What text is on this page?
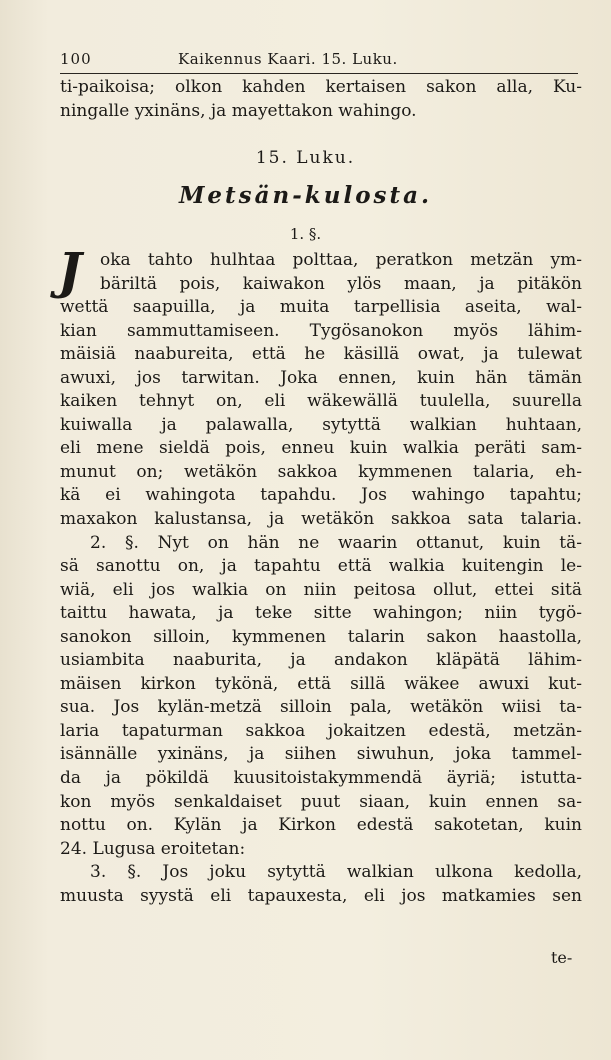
100	Kaikennus Kaari. 15. Luku.
ti-paikoisa; olkon kahden kertaisen sakon alla, Ku-
ningalle yxinäns, ja mayettakon wahingo.
15. Luku.
Metsän-kulosta.
1. §.
J	oka tahto hulhtaa polttaa, peratkon metzän ym-
bäriltä pois, kaiwakon ylös maan, ja pitäkön
wettä saapuilla, ja muita tarpellisia aseita, wal-
kian sammuttamiseen. Tygösanokon myös lähim-
mäisiä naabureita, että he käsillä owat, ja tulewat
awuxi, jos tarwitan. Joka ennen, kuin hän tämän
kaiken tehnyt on, eli wäkewällä tuulella, suurella
kuiwalla ja palawalla, sytyttä walkian huhtaan,
eli mene sieldä pois, enneu kuin walkia peräti sam-
munut on; wetäkön sakkoa kymmenen talaria, eh-
kä ei wahingota tapahdu. Jos wahingo tapahtu;
maxakon kalustansa, ja wetäkön sakkoa sata talaria.
2. §. Nyt on hän ne waarin ottanut, kuin tä-
sä sanottu on, ja tapahtu että walkia kuitengin le-
wiä, eli jos walkia on niin peitosa ollut, ettei sitä
taittu hawata, ja teke sitte wahingon; niin tygö-
sanokon silloin, kymmenen talarin sakon haastolla,
usiambita naaburita, ja andakon kläpätä lähim-
mäisen kirkon tykönä, että sillä wäkee awuxi kut-
sua. Jos kylän-metzä silloin pala, wetäkön wiisi ta-
laria tapaturman sakkoa jokaitzen edestä, metzän-
isännälle yxinäns, ja siihen siwuhun, joka tammel-
da ja pökildä kuusitoistakymmendä äyriä; istutta-
kon myös senkaldaiset puut siaan, kuin ennen sa-
nottu on. Kylän ja Kirkon edestä sakotetan, kuin
24. Lugusa eroitetan:
3. §. Jos joku sytyttä walkian ulkona kedolla,
muusta syystä eli tapauxesta, eli jos matkamies sen
te-
